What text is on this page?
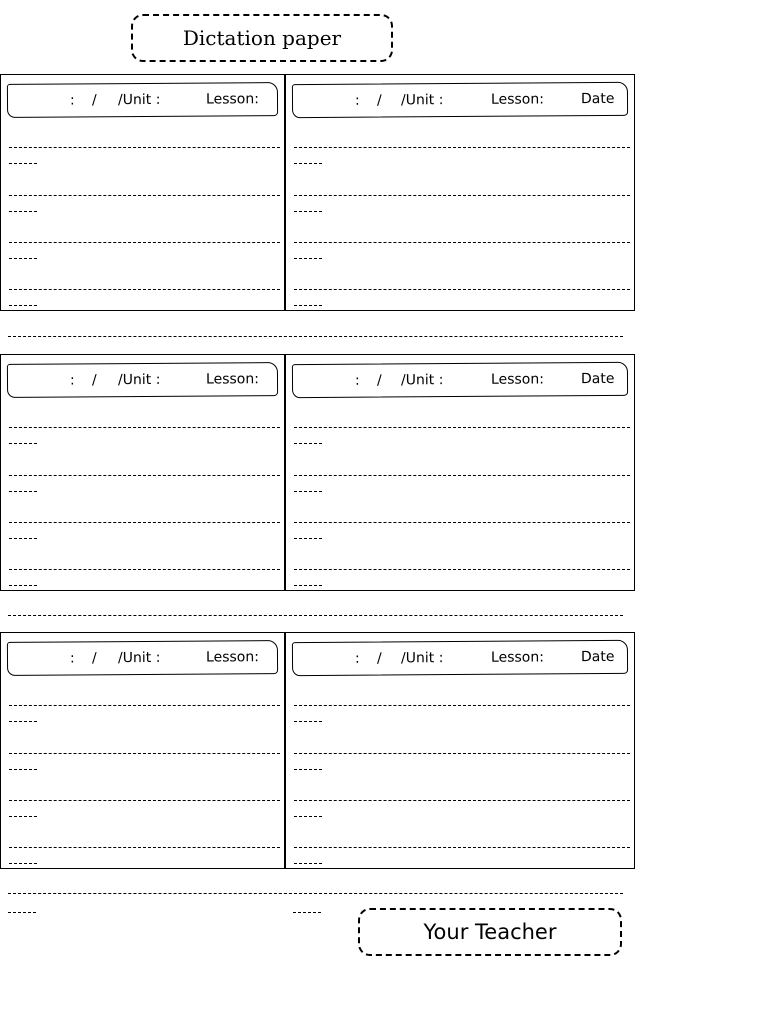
Dictation paper
: / /Unit :	Lesson:	: / /Unit :	Lesson:	Date
: / /Unit :	Lesson:	: / /Unit :	Lesson:	Date
: / /Unit :	Lesson:	: / /Unit :	Lesson:	Date
Your Teacher
